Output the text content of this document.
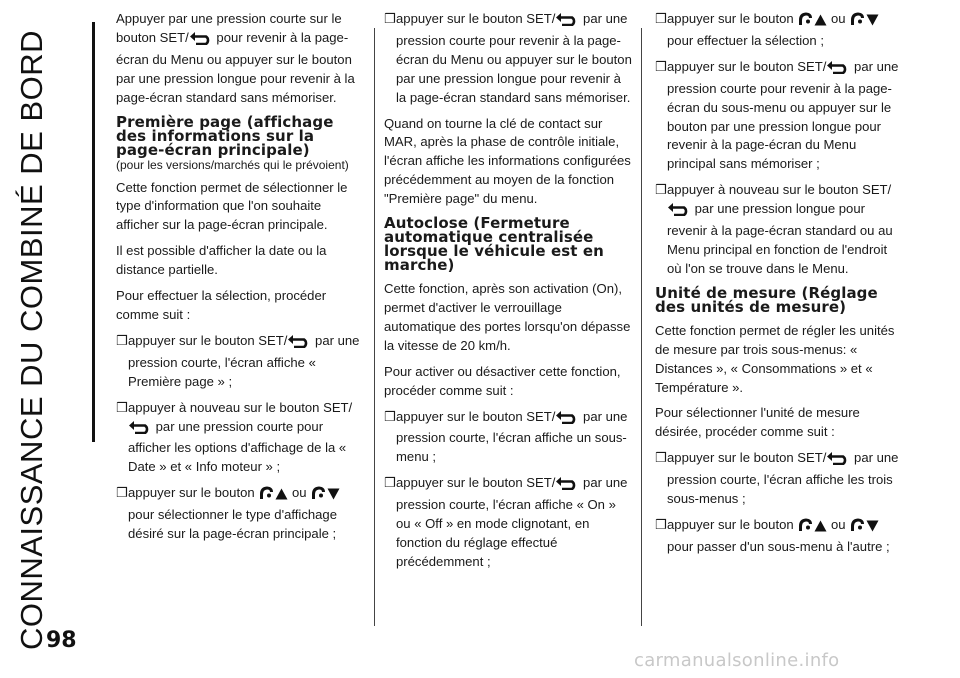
CONNAISSANCE DU COMBINÉ DE BORD

Appuyer par une pression courte sur le bouton SET/ pour revenir à la page-écran du Menu ou appuyer sur le bouton par une pression longue pour revenir à la page-écran standard sans mémoriser.

Première page (affichage des informations sur la page-écran principale)
(pour les versions/marchés qui le prévoient)

Cette fonction permet de sélectionner le type d'information que l'on souhaite afficher sur la page-écran principale.

Il est possible d'afficher la date ou la distance partielle.

Pour effectuer la sélection, procéder comme suit :

❒ appuyer sur le bouton SET/ par une pression courte, l'écran affiche « Première page » ;
❒ appuyer à nouveau sur le bouton SET/ par une pression courte pour afficher les options d'affichage de la « Date » et « Info moteur » ;
❒ appuyer sur le bouton  ou  pour sélectionner le type d'affichage désiré sur la page-écran principale ;
❒ appuyer sur le bouton SET/ par une pression courte pour revenir à la page-écran du Menu ou appuyer sur le bouton par une pression longue pour revenir à la page-écran standard sans mémoriser.

Quand on tourne la clé de contact sur MAR, après la phase de contrôle initiale, l'écran affiche les informations configurées précédemment au moyen de la fonction "Première page" du menu.

Autoclose (Fermeture automatique centralisée lorsque le véhicule est en marche)

Cette fonction, après son activation (On), permet d'activer le verrouillage automatique des portes lorsqu'on dépasse la vitesse de 20 km/h.

Pour activer ou désactiver cette fonction, procéder comme suit :

❒ appuyer sur le bouton SET/ par une pression courte, l'écran affiche un sous-menu ;
❒ appuyer sur le bouton SET/ par une pression courte, l'écran affiche « On » ou « Off » en mode clignotant, en fonction du réglage effectué précédemment ;
❒ appuyer sur le bouton  ou  pour effectuer la sélection ;
❒ appuyer sur le bouton SET/ par une pression courte pour revenir à la page-écran du sous-menu ou appuyer sur le bouton par une pression longue pour revenir à la page-écran du Menu principal sans mémoriser ;
❒ appuyer à nouveau sur le bouton SET/ par une pression longue pour revenir à la page-écran standard ou au Menu principal en fonction de l'endroit où l'on se trouve dans le Menu.
Unité de mesure (Réglage des unités de mesure)

Cette fonction permet de régler les unités de mesure par trois sous-menus: « Distances », « Consommations » et « Température ».

Pour sélectionner l'unité de mesure désirée, procéder comme suit :

❒ appuyer sur le bouton SET/ par une pression courte, l'écran affiche les trois sous-menus ;
❒ appuyer sur le bouton  ou  pour passer d'un sous-menu à l'autre ;
98
carmanualsonline.info
